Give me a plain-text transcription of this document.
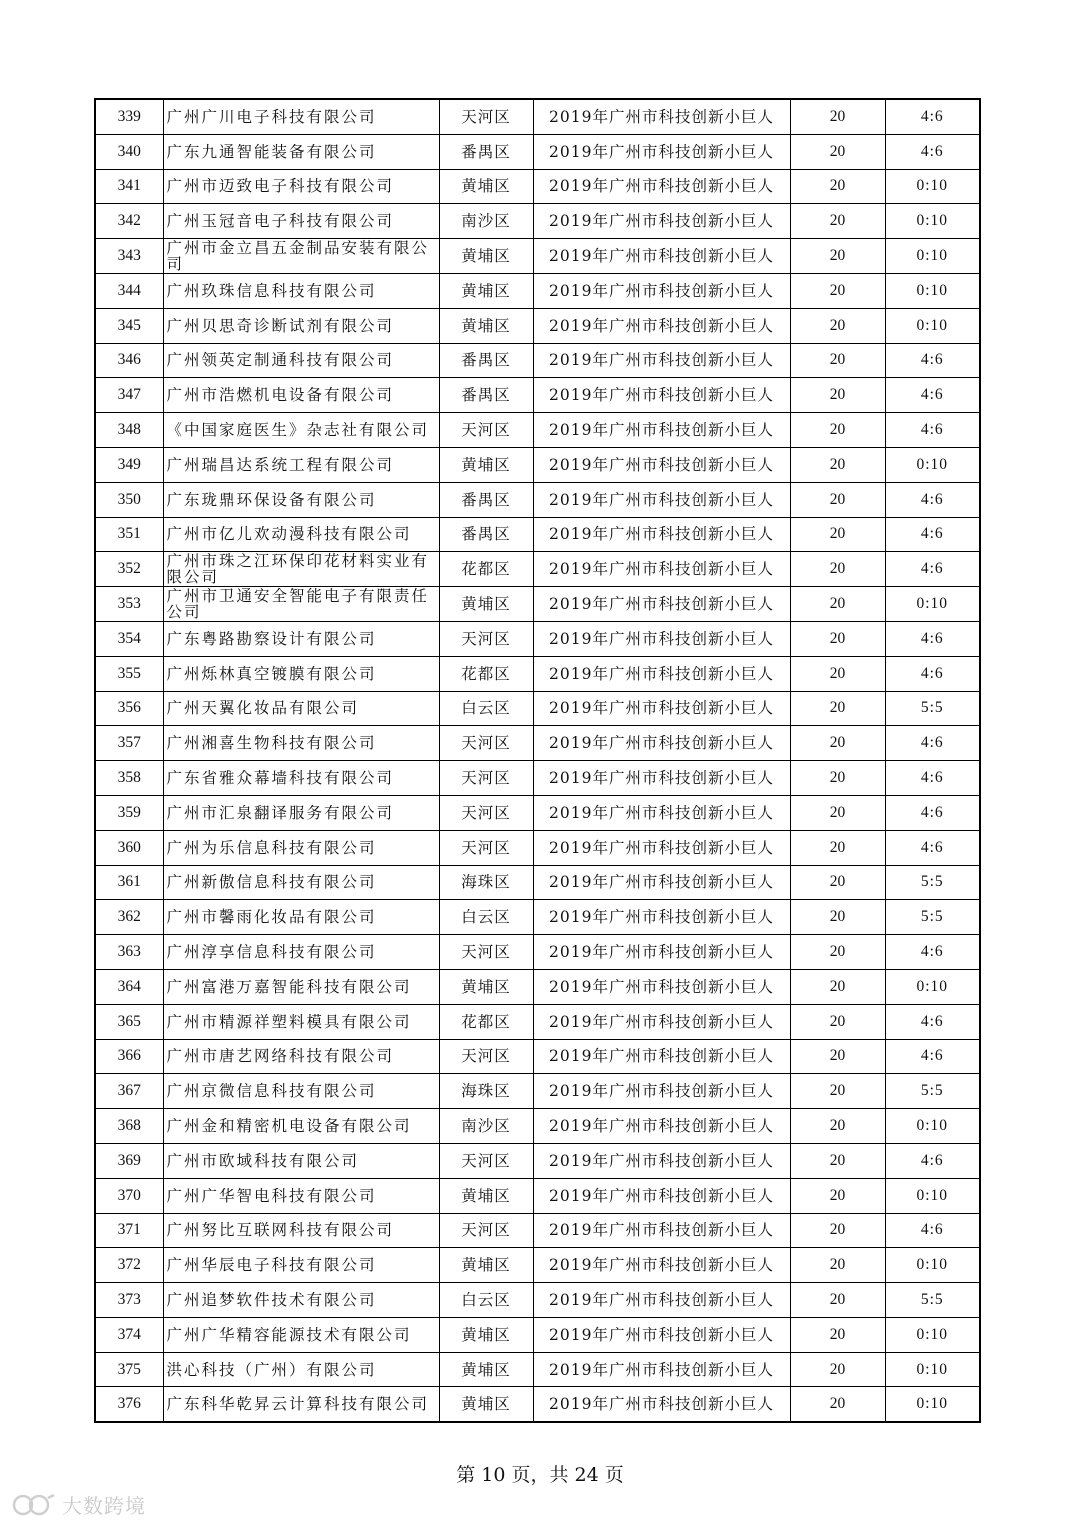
339	广州广川电子科技有限公司	天河区	2019年广州市科技创新小巨人	20	4:6
340	广东九通智能装备有限公司	番禺区	2019年广州市科技创新小巨人	20	4:6
341	广州市迈致电子科技有限公司	黄埔区	2019年广州市科技创新小巨人	20	0:10
342	广州玉冠音电子科技有限公司	南沙区	2019年广州市科技创新小巨人	20	0:10
343	广州市金立昌五金制品安装有限公司	黄埔区	2019年广州市科技创新小巨人	20	0:10
344	广州玖珠信息科技有限公司	黄埔区	2019年广州市科技创新小巨人	20	0:10
345	广州贝思奇诊断试剂有限公司	黄埔区	2019年广州市科技创新小巨人	20	0:10
346	广州领英定制通科技有限公司	番禺区	2019年广州市科技创新小巨人	20	4:6
347	广州市浩燃机电设备有限公司	番禺区	2019年广州市科技创新小巨人	20	4:6
348	《中国家庭医生》杂志社有限公司	天河区	2019年广州市科技创新小巨人	20	4:6
349	广州瑞昌达系统工程有限公司	黄埔区	2019年广州市科技创新小巨人	20	0:10
350	广东珑鼎环保设备有限公司	番禺区	2019年广州市科技创新小巨人	20	4:6
351	广州市亿儿欢动漫科技有限公司	番禺区	2019年广州市科技创新小巨人	20	4:6
352	广州市珠之江环保印花材料实业有限公司	花都区	2019年广州市科技创新小巨人	20	4:6
353	广州市卫通安全智能电子有限责任公司	黄埔区	2019年广州市科技创新小巨人	20	0:10
354	广东粤路勘察设计有限公司	天河区	2019年广州市科技创新小巨人	20	4:6
355	广州烁林真空镀膜有限公司	花都区	2019年广州市科技创新小巨人	20	4:6
356	广州天翼化妆品有限公司	白云区	2019年广州市科技创新小巨人	20	5:5
357	广州湘喜生物科技有限公司	天河区	2019年广州市科技创新小巨人	20	4:6
358	广东省雅众幕墙科技有限公司	天河区	2019年广州市科技创新小巨人	20	4:6
359	广州市汇泉翻译服务有限公司	天河区	2019年广州市科技创新小巨人	20	4:6
360	广州为乐信息科技有限公司	天河区	2019年广州市科技创新小巨人	20	4:6
361	广州新傲信息科技有限公司	海珠区	2019年广州市科技创新小巨人	20	5:5
362	广州市馨雨化妆品有限公司	白云区	2019年广州市科技创新小巨人	20	5:5
363	广州淳享信息科技有限公司	天河区	2019年广州市科技创新小巨人	20	4:6
364	广州富港万嘉智能科技有限公司	黄埔区	2019年广州市科技创新小巨人	20	0:10
365	广州市精源祥塑料模具有限公司	花都区	2019年广州市科技创新小巨人	20	4:6
366	广州市唐艺网络科技有限公司	天河区	2019年广州市科技创新小巨人	20	4:6
367	广州京微信息科技有限公司	海珠区	2019年广州市科技创新小巨人	20	5:5
368	广州金和精密机电设备有限公司	南沙区	2019年广州市科技创新小巨人	20	0:10
369	广州市欧域科技有限公司	天河区	2019年广州市科技创新小巨人	20	4:6
370	广州广华智电科技有限公司	黄埔区	2019年广州市科技创新小巨人	20	0:10
371	广州努比互联网科技有限公司	天河区	2019年广州市科技创新小巨人	20	4:6
372	广州华辰电子科技有限公司	黄埔区	2019年广州市科技创新小巨人	20	0:10
373	广州追梦软件技术有限公司	白云区	2019年广州市科技创新小巨人	20	5:5
374	广州广华精容能源技术有限公司	黄埔区	2019年广州市科技创新小巨人	20	0:10
375	洪心科技（广州）有限公司	黄埔区	2019年广州市科技创新小巨人	20	0:10
376	广东科华乾昇云计算科技有限公司	黄埔区	2019年广州市科技创新小巨人	20	0:10
第 10 页，共 24 页
大数跨境
